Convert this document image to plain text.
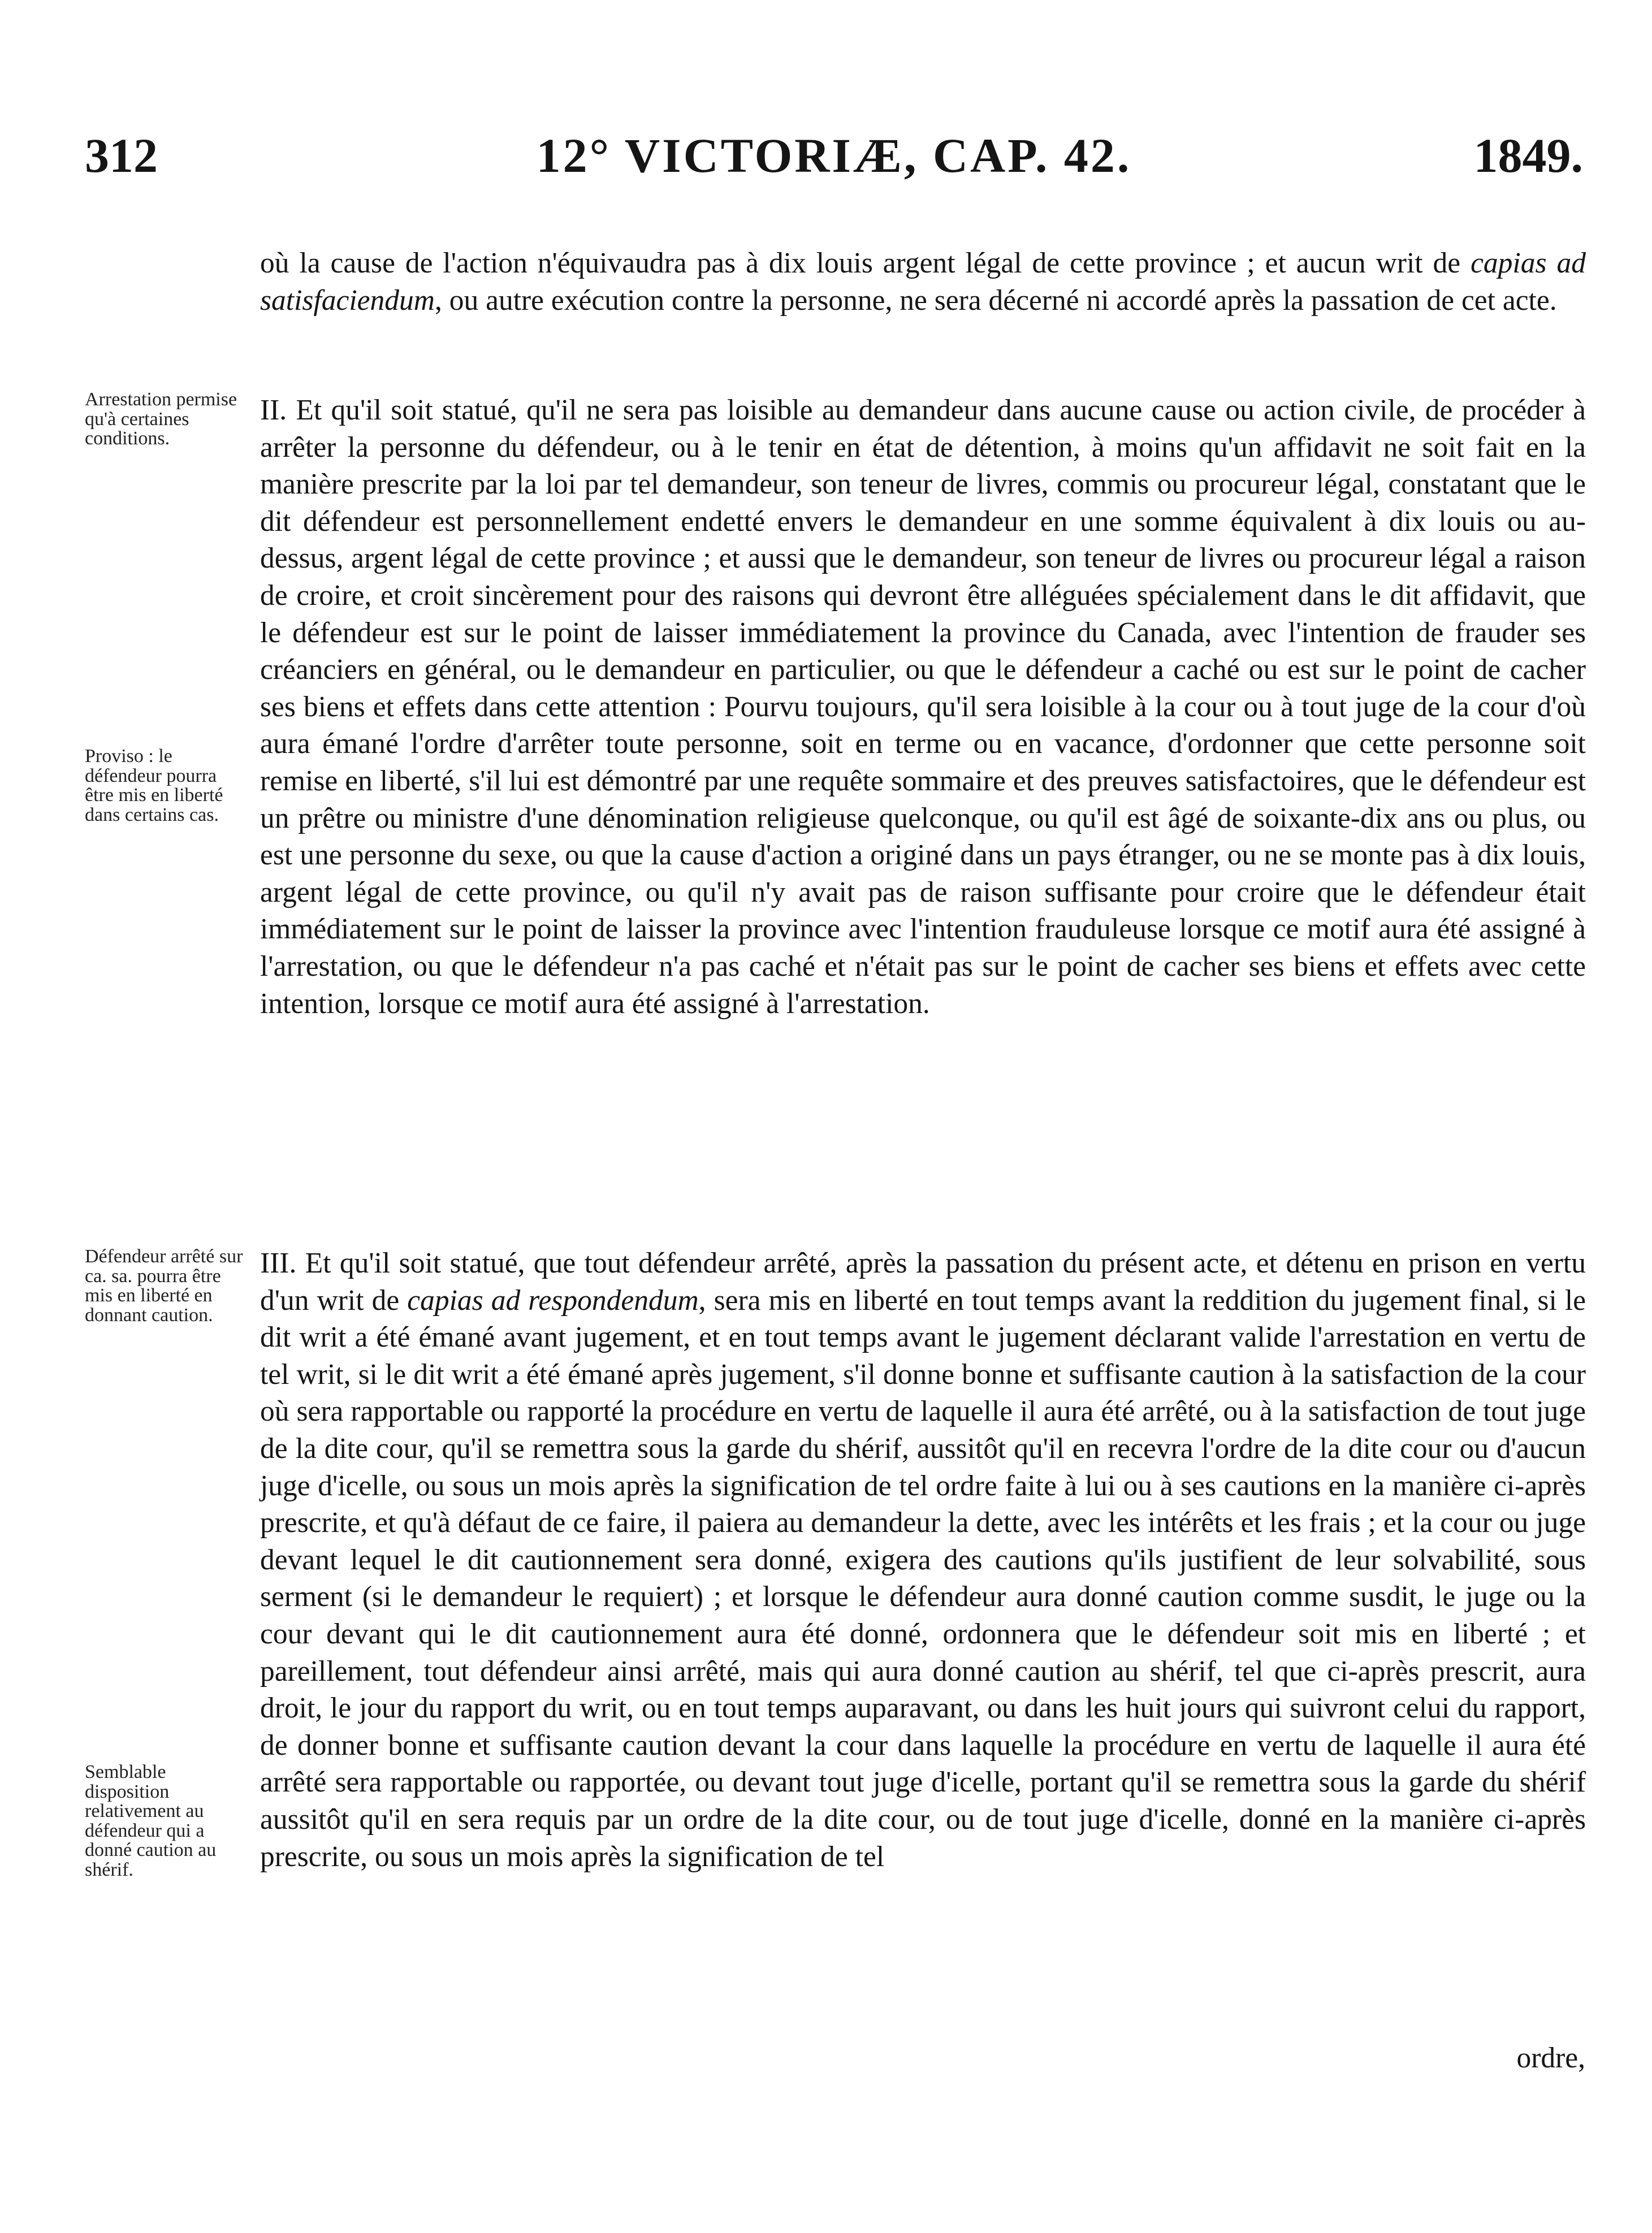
312	12° VICTORIÆ, CAP. 42.	1849.
Arrestation permise qu'à certaines conditions.
Proviso : le défendeur pourra être mis en liberté dans certains cas.
Défendeur arrêté sur ca. sa. pourra être mis en liberté en donnant caution.
Semblable disposition relativement au défendeur qui a donné caution au shérif.
où la cause de l'action n'équivaudra pas à dix louis argent légal de cette province ; et aucun writ de capias ad satisfaciendum, ou autre exécution contre la personne, ne sera décerné ni accordé après la passation de cet acte.
II. Et qu'il soit statué, qu'il ne sera pas loisible au demandeur dans aucune cause ou action civile, de procéder à arrêter la personne du défendeur, ou à le tenir en état de détention, à moins qu'un affidavit ne soit fait en la manière prescrite par la loi par tel demandeur, son teneur de livres, commis ou procureur légal, constatant que le dit défendeur est personnellement endetté envers le demandeur en une somme équivalent à dix louis ou au-dessus, argent légal de cette province ; et aussi que le demandeur, son teneur de livres ou procureur légal a raison de croire, et croit sincèrement pour des raisons qui devront être alléguées spécialement dans le dit affidavit, que le défendeur est sur le point de laisser immédiatement la province du Canada, avec l'intention de frauder ses créanciers en général, ou le demandeur en particulier, ou que le défendeur a caché ou est sur le point de cacher ses biens et effets dans cette attention : Pourvu toujours, qu'il sera loisible à la cour ou à tout juge de la cour d'où aura émané l'ordre d'arrêter toute personne, soit en terme ou en vacance, d'ordonner que cette personne soit remise en liberté, s'il lui est démontré par une requête sommaire et des preuves satisfactoires, que le défendeur est un prêtre ou ministre d'une dénomination religieuse quelconque, ou qu'il est âgé de soixante-dix ans ou plus, ou est une personne du sexe, ou que la cause d'action a originé dans un pays étranger, ou ne se monte pas à dix louis, argent légal de cette province, ou qu'il n'y avait pas de raison suffisante pour croire que le défendeur était immédiatement sur le point de laisser la province avec l'intention frauduleuse lorsque ce motif aura été assigné à l'arrestation, ou que le défendeur n'a pas caché et n'était pas sur le point de cacher ses biens et effets avec cette intention, lorsque ce motif aura été assigné à l'arrestation.
III. Et qu'il soit statué, que tout défendeur arrêté, après la passation du présent acte, et détenu en prison en vertu d'un writ de capias ad respondendum, sera mis en liberté en tout temps avant la reddition du jugement final, si le dit writ a été émané avant jugement, et en tout temps avant le jugement déclarant valide l'arrestation en vertu de tel writ, si le dit writ a été émané après jugement, s'il donne bonne et suffisante caution à la satisfaction de la cour où sera rapportable ou rapporté la procédure en vertu de laquelle il aura été arrêté, ou à la satisfaction de tout juge de la dite cour, qu'il se remettra sous la garde du shérif, aussitôt qu'il en recevra l'ordre de la dite cour ou d'aucun juge d'icelle, ou sous un mois après la signification de tel ordre faite à lui ou à ses cautions en la manière ci-après prescrite, et qu'à défaut de ce faire, il paiera au demandeur la dette, avec les intérêts et les frais ; et la cour ou juge devant lequel le dit cautionnement sera donné, exigera des cautions qu'ils justifient de leur solvabilité, sous serment (si le demandeur le requiert) ; et lorsque le défendeur aura donné caution comme susdit, le juge ou la cour devant qui le dit cautionnement aura été donné, ordonnera que le défendeur soit mis en liberté ; et pareillement, tout défendeur ainsi arrêté, mais qui aura donné caution au shérif, tel que ci-après prescrit, aura droit, le jour du rapport du writ, ou en tout temps auparavant, ou dans les huit jours qui suivront celui du rapport, de donner bonne et suffisante caution devant la cour dans laquelle la procédure en vertu de laquelle il aura été arrêté sera rapportable ou rapportée, ou devant tout juge d'icelle, portant qu'il se remettra sous la garde du shérif aussitôt qu'il en sera requis par un ordre de la dite cour, ou de tout juge d'icelle, donné en la manière ci-après prescrite, ou sous un mois après la signification de tel
ordre,
